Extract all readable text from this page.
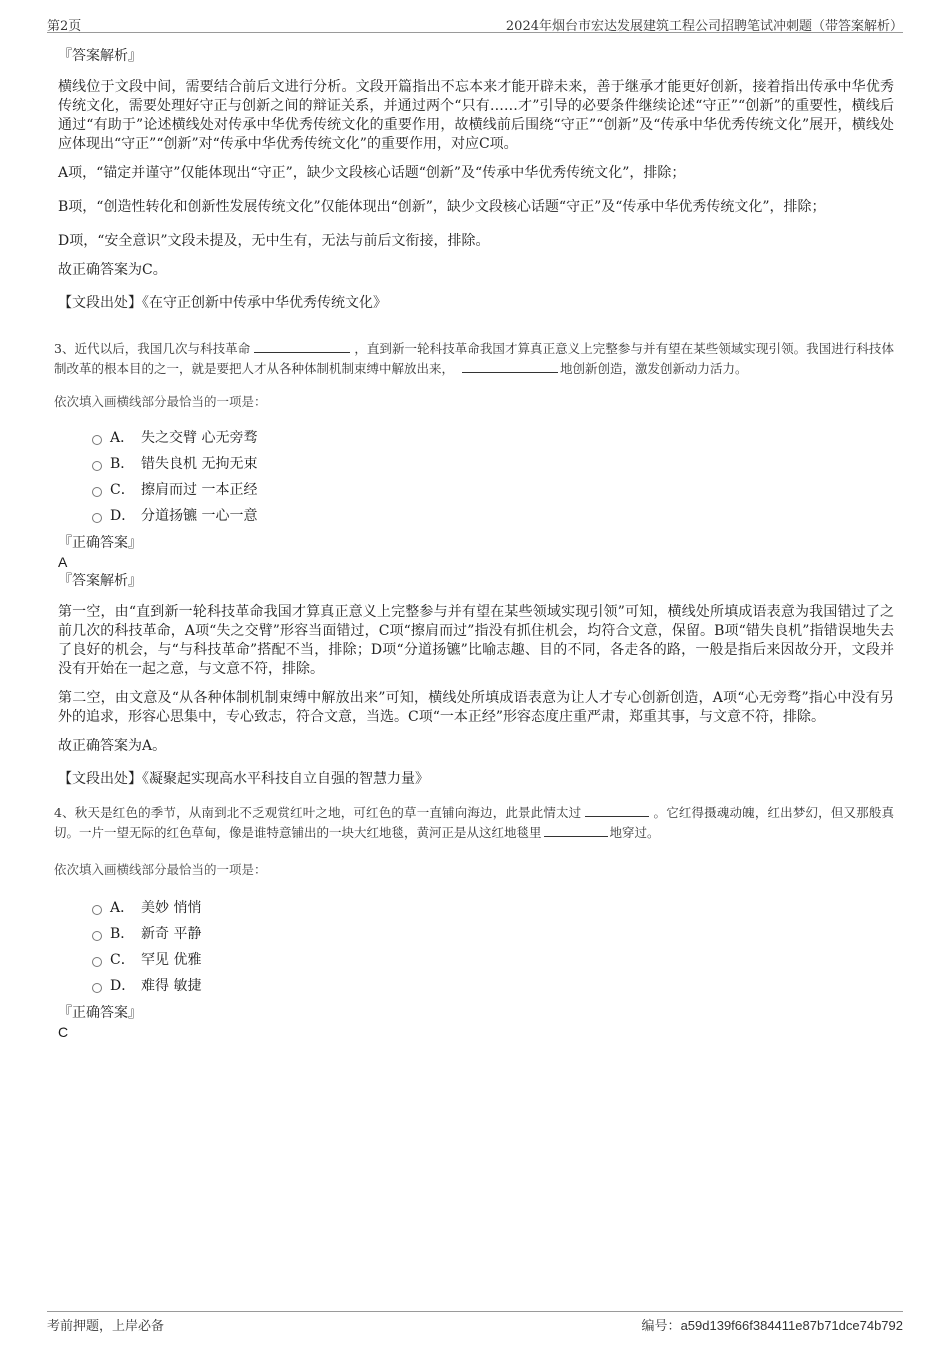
第2页	2024年烟台市宏达发展建筑工程公司招聘笔试冲刺题（带答案解析）
『答案解析』

横线位于文段中间，需要结合前后文进行分析。文段开篇指出不忘本来才能开辟未来，善于继承才能更好创新，接着指出传承中华优秀传统文化，需要处理好守正与创新之间的辩证关系，并通过两个“只有……才”引导的必要条件继续论述“守正”“创新”的重要性，横线后通过“有助于”论述横线处对传承中华优秀传统文化的重要作用，故横线前后围绕“守正”“创新”及“传承中华优秀传统文化”展开，横线处应体现出“守正”“创新”对“传承中华优秀传统文化”的重要作用，对应C项。

A项，“锚定并谨守”仅能体现出“守正”，缺少文段核心话题“创新”及“传承中华优秀传统文化”，排除；

B项，“创造性转化和创新性发展传统文化”仅能体现出“创新”，缺少文段核心话题“守正”及“传承中华优秀传统文化”，排除；

D项，“安全意识”文段未提及，无中生有，无法与前后文衔接，排除。

故正确答案为C。

【文段出处】《在守正创新中传承中华优秀传统文化》

3、近代以后，我国几次与科技革命	，直到新一轮科技革命我国才算真正意义上完整参与并有望在某些领域实现引领。我国进行科技体制改革的根本目的之一，就是要把人才从各种体制机制束缚中解放出来，	地创新创造，激发创新动力活力。

依次填入画横线部分最恰当的一项是：
A． 失之交臂 心无旁骛
B． 错失良机 无拘无束
C． 擦肩而过 一本正经
D． 分道扬镳 一心一意
『正确答案』
A
『答案解析』

第一空，由“直到新一轮科技革命我国才算真正意义上完整参与并有望在某些领域实现引领”可知，横线处所填成语表意为我国错过了之前几次的科技革命，A项“失之交臂”形容当面错过，C项“擦肩而过”指没有抓住机会，均符合文意，保留。B项“错失良机”指错误地失去了良好的机会，与“与科技革命”搭配不当，排除；D项“分道扬镳”比喻志趣、目的不同，各走各的路，一般是指后来因故分开，文段并没有开始在一起之意，与文意不符，排除。

第二空，由文意及“从各种体制机制束缚中解放出来”可知，横线处所填成语表意为让人才专心创新创造，A项“心无旁骛”指心中没有另外的追求，形容心思集中，专心致志，符合文意，当选。C项“一本正经”形容态度庄重严肃，郑重其事，与文意不符，排除。

故正确答案为A。

【文段出处】《凝聚起实现高水平科技自立自强的智慧力量》

4、秋天是红色的季节，从南到北不乏观赏红叶之地，可红色的草一直铺向海边，此景此情太过	。它红得摄魂动魄，红出梦幻，但又那般真切。一片一望无际的红色草甸，像是谁特意铺出的一块大红地毯，黄河正是从这红地毯里	地穿过。

依次填入画横线部分最恰当的一项是：
A． 美妙 悄悄
B． 新奇 平静
C． 罕见 优雅
D． 难得 敏捷
『正确答案』
C
考前押题，上岸必备	编号：a59d139f66f384411e87b71dce74b792
